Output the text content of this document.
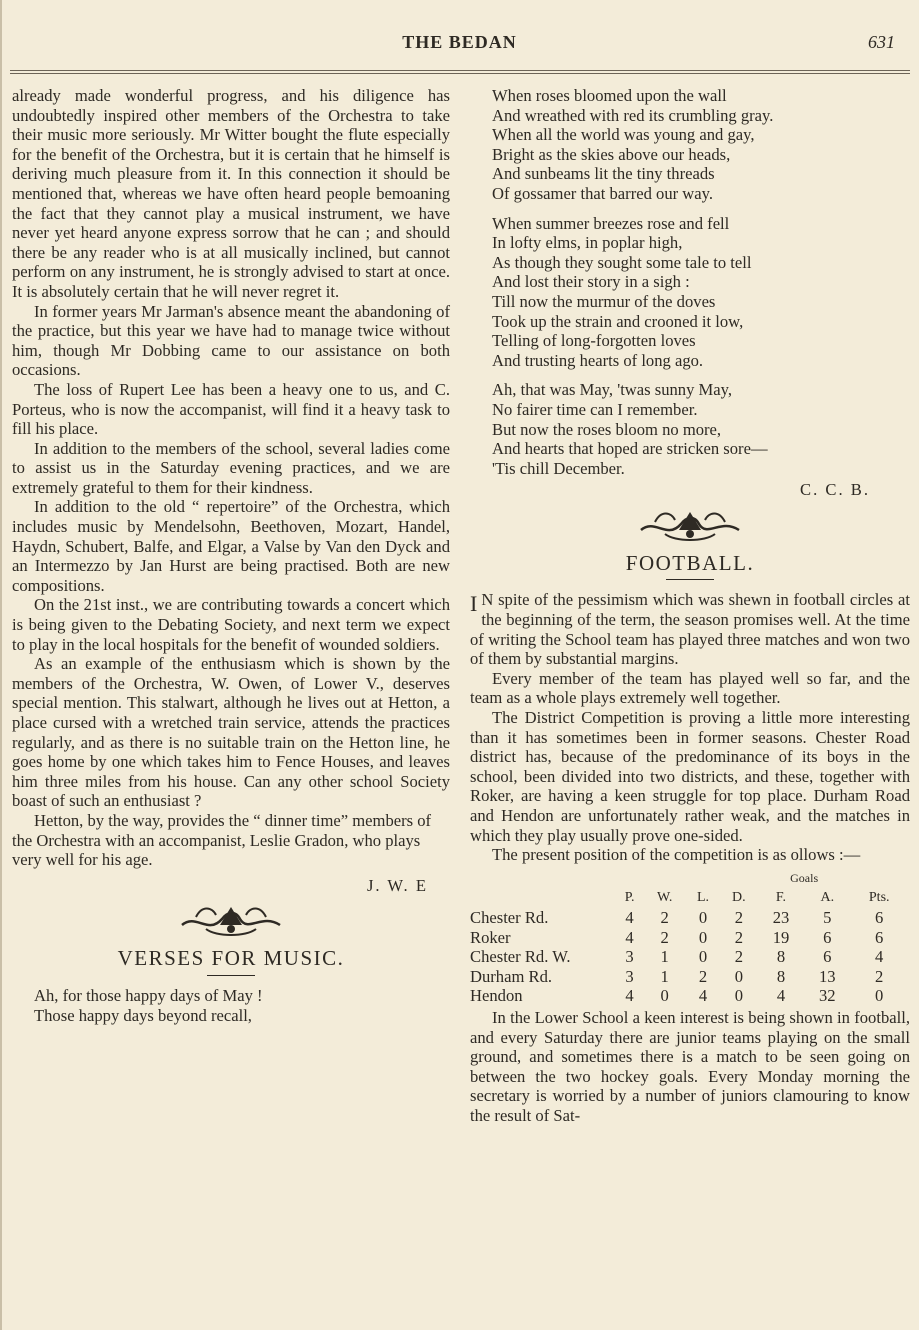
THE BEDAN	631

already made wonderful progress, and his diligence has undoubtedly inspired other members of the Orchestra to take their music more seriously. Mr Witter bought the flute especially for the benefit of the Orchestra, but it is certain that he himself is deriving much pleasure from it. In this connection it should be mentioned that, whereas we have often heard people bemoaning the fact that they cannot play a musical instrument, we have never yet heard anyone express sorrow that he can ; and should there be any reader who is at all musically inclined, but cannot perform on any instrument, he is strongly advised to start at once. It is absolutely certain that he will never regret it.

In former years Mr Jarman's absence meant the abandoning of the practice, but this year we have had to manage twice without him, though Mr Dobbing came to our assistance on both occasions.

The loss of Rupert Lee has been a heavy one to us, and C. Porteus, who is now the accompanist, will find it a heavy task to fill his place.

In addition to the members of the school, several ladies come to assist us in the Saturday evening practices, and we are extremely grateful to them for their kindness.

In addition to the old “ repertoire” of the Orchestra, which includes music by Mendelsohn, Beethoven, Mozart, Handel, Haydn, Schubert, Balfe, and Elgar, a Valse by Van den Dyck and an Intermezzo by Jan Hurst are being practised. Both are new compositions.

On the 21st inst., we are contributing towards a concert which is being given to the Debating Society, and next term we expect to play in the local hospitals for the benefit of wounded soldiers.

As an example of the enthusiasm which is shown by the members of the Orchestra, W. Owen, of Lower V., deserves special mention. This stalwart, although he lives out at Hetton, a place cursed with a wretched train service, attends the practices regularly, and as there is no suitable train on the Hetton line, he goes home by one which takes him to Fence Houses, and leaves him three miles from his house. Can any other school Society boast of such an enthusiast ?

Hetton, by the way, provides the “ dinner time” members of the Orchestra with an accompanist, Leslie Gradon, who plays very well for his age.

J. W. E
VERSES FOR MUSIC.

Ah, for those happy days of May !

Those happy days beyond recall,

When roses bloomed upon the wall

And wreathed with red its crumbling gray.

When all the world was young and gay,

Bright as the skies above our heads,

And sunbeams lit the tiny threads

Of gossamer that barred our way.

When summer breezes rose and fell

In lofty elms, in poplar high,

As though they sought some tale to tell

And lost their story in a sigh :

Till now the murmur of the doves

Took up the strain and crooned it low,

Telling of long-forgotten loves

And trusting hearts of long ago.

Ah, that was May, 'twas sunny May,

No fairer time can I remember.

But now the roses bloom no more,

And hearts that hoped are stricken sore—

'Tis chill December.

C. C. B.
FOOTBALL.

I N spite of the pessimism which was shewn in football circles at the beginning of the term, the season promises well. At the time of writing the School team has played three matches and won two of them by substantial margins.

Every member of the team has played well so far, and the team as a whole plays extremely well together.

The District Competition is proving a little more interesting than it has sometimes been in former seasons. Chester Road district has, because of the predominance of its boys in the school, been divided into two districts, and these, together with Roker, are having a keen struggle for top place. Durham Road and Hendon are unfortunately rather weak, and the matches in which they play usually prove one-sided.

The present position of the competition is as ollows :—

					Goals		
	P.	W.	L.	D.	F.	A.	Pts.
Chester Rd.	4	2	0	2	23	5	6
Roker	4	2	0	2	19	6	6
Chester Rd. W.	3	1	0	2	8	6	4
Durham Rd.	3	1	2	0	8	13	2
Hendon	4	0	4	0	4	32	0

In the Lower School a keen interest is being shown in football, and every Saturday there are junior teams playing on the small ground, and sometimes there is a match to be seen going on between the two hockey goals. Every Monday morning the secretary is worried by a number of juniors clamouring to know the result of Sat-
